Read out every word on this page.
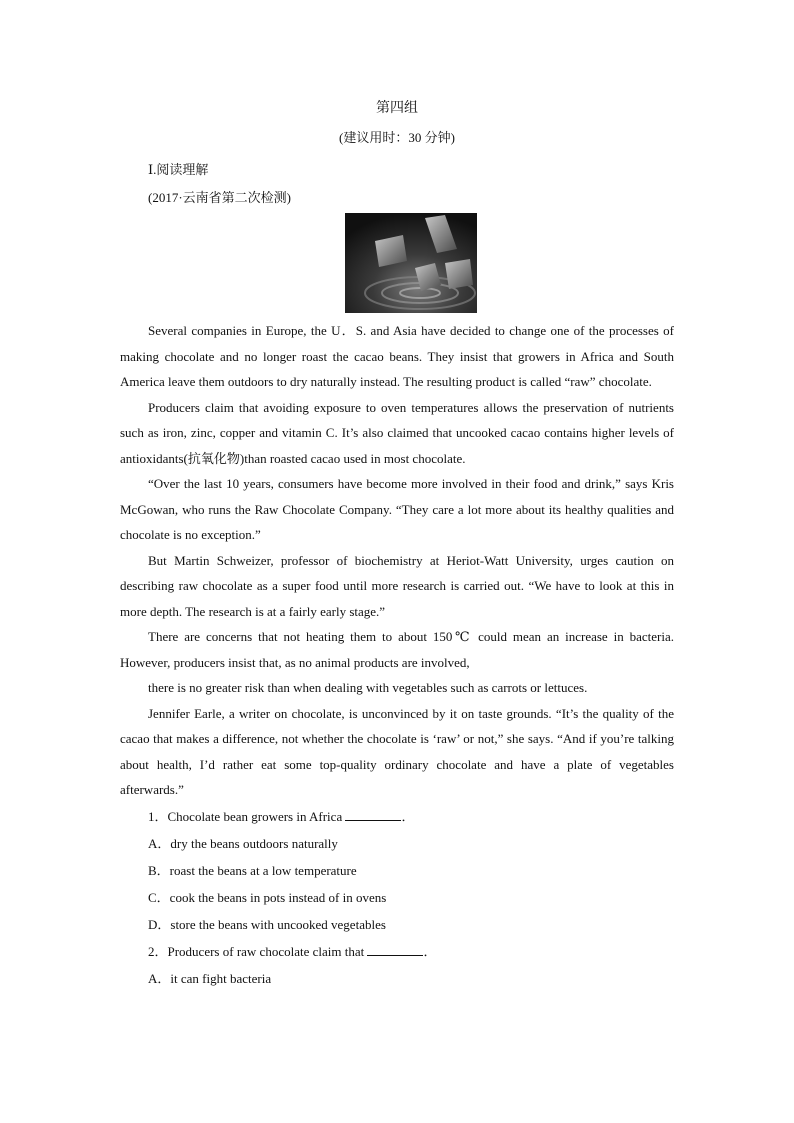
第四组
(建议用时：30 分钟)
Ⅰ.阅读理解
(2017·云南省第二次检测)

Several companies in Europe, the U．S. and Asia have decided to change one of the processes of making chocolate and no longer roast the cacao beans. They insist that growers in Africa and South America leave them outdoors to dry naturally instead. The resulting product is called “raw” chocolate.

Producers claim that avoiding exposure to oven temperatures allows the preservation of nutrients such as iron, zinc, copper and vitamin C. It’s also claimed that uncooked cacao contains higher levels of antioxidants(抗氧化物)than roasted cacao used in most chocolate.

“Over the last 10 years, consumers have become more involved in their food and drink,” says Kris McGowan, who runs the Raw Chocolate Company. “They care a lot more about its healthy qualities and chocolate is no exception.”

But Martin Schweizer, professor of biochemistry at Heriot-Watt University, urges caution on describing raw chocolate as a super food until more research is carried out. “We have to look at this in more depth. The research is at a fairly early stage.”

There are concerns that not heating them to about 150℃ could mean an increase in bacteria. However, producers insist that, as no animal products are involved,

there is no greater risk than when dealing with vegetables such as carrots or lettuces.

Jennifer Earle, a writer on chocolate, is unconvinced by it on taste grounds. “It’s the quality of the cacao that makes a difference, not whether the chocolate is ‘raw’ or not,” she says. “And if you’re talking about health, I’d rather eat some top-quality ordinary chocolate and have a plate of vegetables afterwards.”

1．Chocolate bean growers in Africa	．
A．dry the beans outdoors naturally
B．roast the beans at a low temperature
C．cook the beans in pots instead of in ovens
D．store the beans with uncooked vegetables
2．Producers of raw chocolate claim that	．
A．it can fight bacteria
